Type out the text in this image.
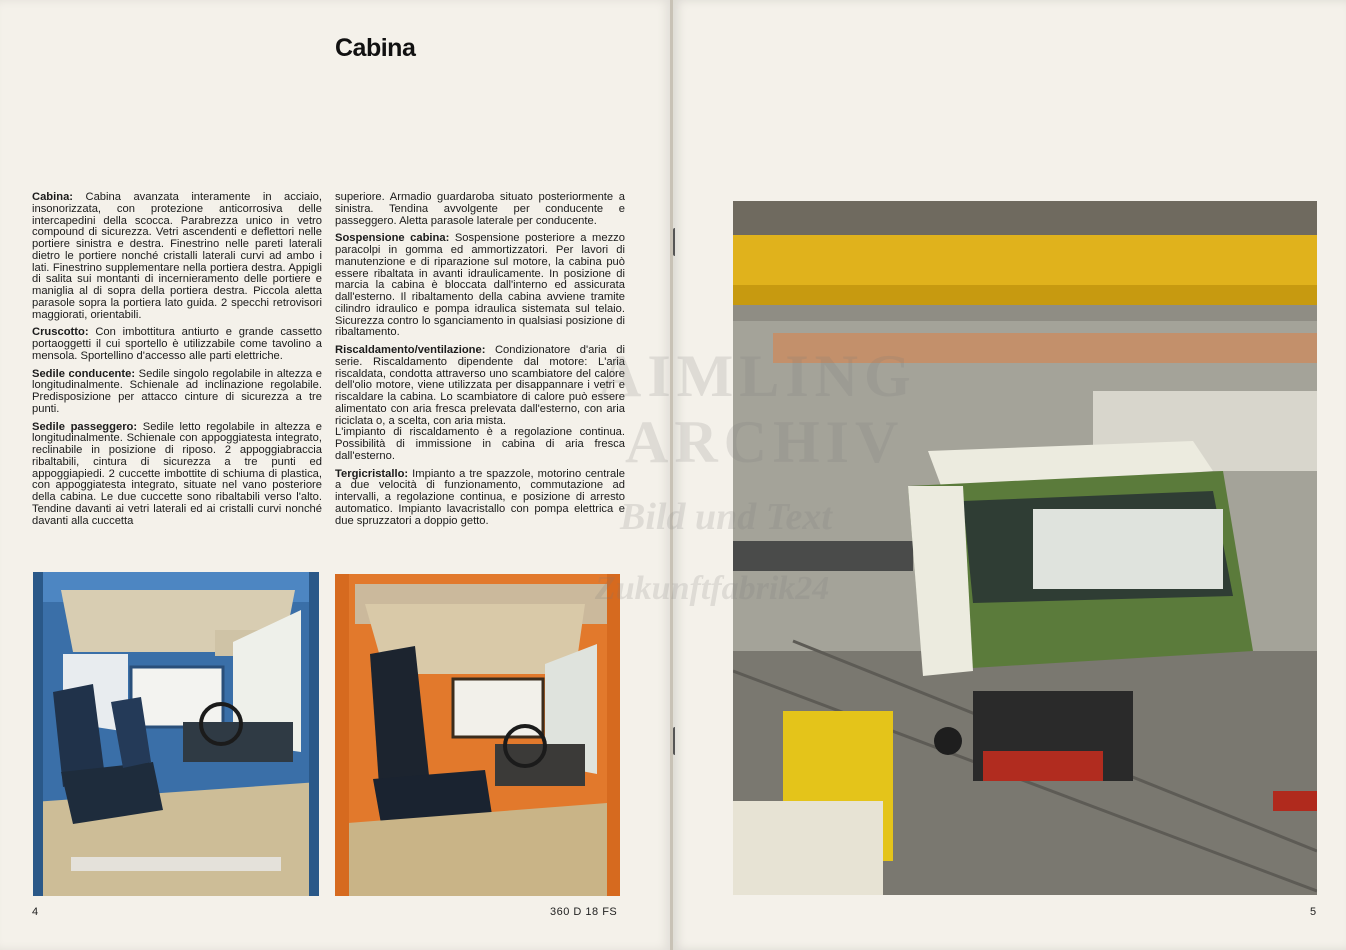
Cabina

Cabina: Cabina avanzata interamente in acciaio, insonorizzata, con protezione anticorrosiva delle intercapedini della scocca. Parabrezza unico in vetro compound di sicurezza. Vetri ascendenti e deflettori nelle portiere sinistra e destra. Finestrino nelle pareti laterali dietro le portiere nonché cristalli laterali curvi ad ambo i lati. Finestrino supplementare nella portiera destra. Appigli di salita sui montanti di incernieramento delle portiere e maniglia al di sopra della portiera destra. Piccola aletta parasole sopra la portiera lato guida. 2 specchi retrovisori maggiorati, orientabili.

Cruscotto: Con imbottitura antiurto e grande cassetto portaoggetti il cui sportello è utilizzabile come tavolino a mensola. Sportellino d'accesso alle parti elettriche.

Sedile conducente: Sedile singolo regolabile in altezza e longitudinalmente. Schienale ad inclinazione regolabile. Predisposizione per attacco cinture di sicurezza a tre punti.

Sedile passeggero: Sedile letto regolabile in altezza e longitudinalmente. Schienale con appoggiatesta integrato, reclinabile in posizione di riposo. 2 appoggiabraccia ribaltabili, cintura di sicurezza a tre punti ed appoggiapiedi. 2 cuccette imbottite di schiuma di plastica, con appoggiatesta integrato, situate nel vano posteriore della cabina. Le due cuccette sono ribaltabili verso l'alto. Tendine davanti ai vetri laterali ed ai cristalli curvi nonché davanti alla cuccetta

superiore. Armadio guardaroba situato posteriormente a sinistra. Tendina avvolgente per conducente e passeggero. Aletta parasole laterale per conducente.

Sospensione cabina: Sospensione posteriore a mezzo paracolpi in gomma ed ammortizzatori. Per lavori di manutenzione e di riparazione sul motore, la cabina può essere ribaltata in avanti idraulicamente. In posizione di marcia la cabina è bloccata dall'interno ed assicurata dall'esterno. Il ribaltamento della cabina avviene tramite cilindro idraulico e pompa idraulica sistemata sul telaio. Sicurezza contro lo sganciamento in qualsiasi posizione di ribaltamento.

Riscaldamento/ventilazione: Condizionatore d'aria di serie. Riscaldamento dipendente dal motore: L'aria riscaldata, condotta attraverso uno scambiatore del calore dell'olio motore, viene utilizzata per disappannare i vetri e riscaldare la cabina. Lo scambiatore di calore può essere alimentato con aria fresca prelevata dall'esterno, con aria riciclata o, a scelta, con aria mista.

L'impianto di riscaldamento è a regolazione continua. Possibilità di immissione in cabina di aria fresca dall'esterno.

Tergicristallo: Impianto a tre spazzole, motorino centrale a due velocità di funzionamento, commutazione ad intervalli, a regolazione continua, e posizione di arresto automatico. Impianto lavacristallo con pompa elettrica e due spruzzatori a doppio getto.

AIMLING
ARCHIV
Bild und Text
Zukunftfabrik24
4	360 D 18 FS	5
